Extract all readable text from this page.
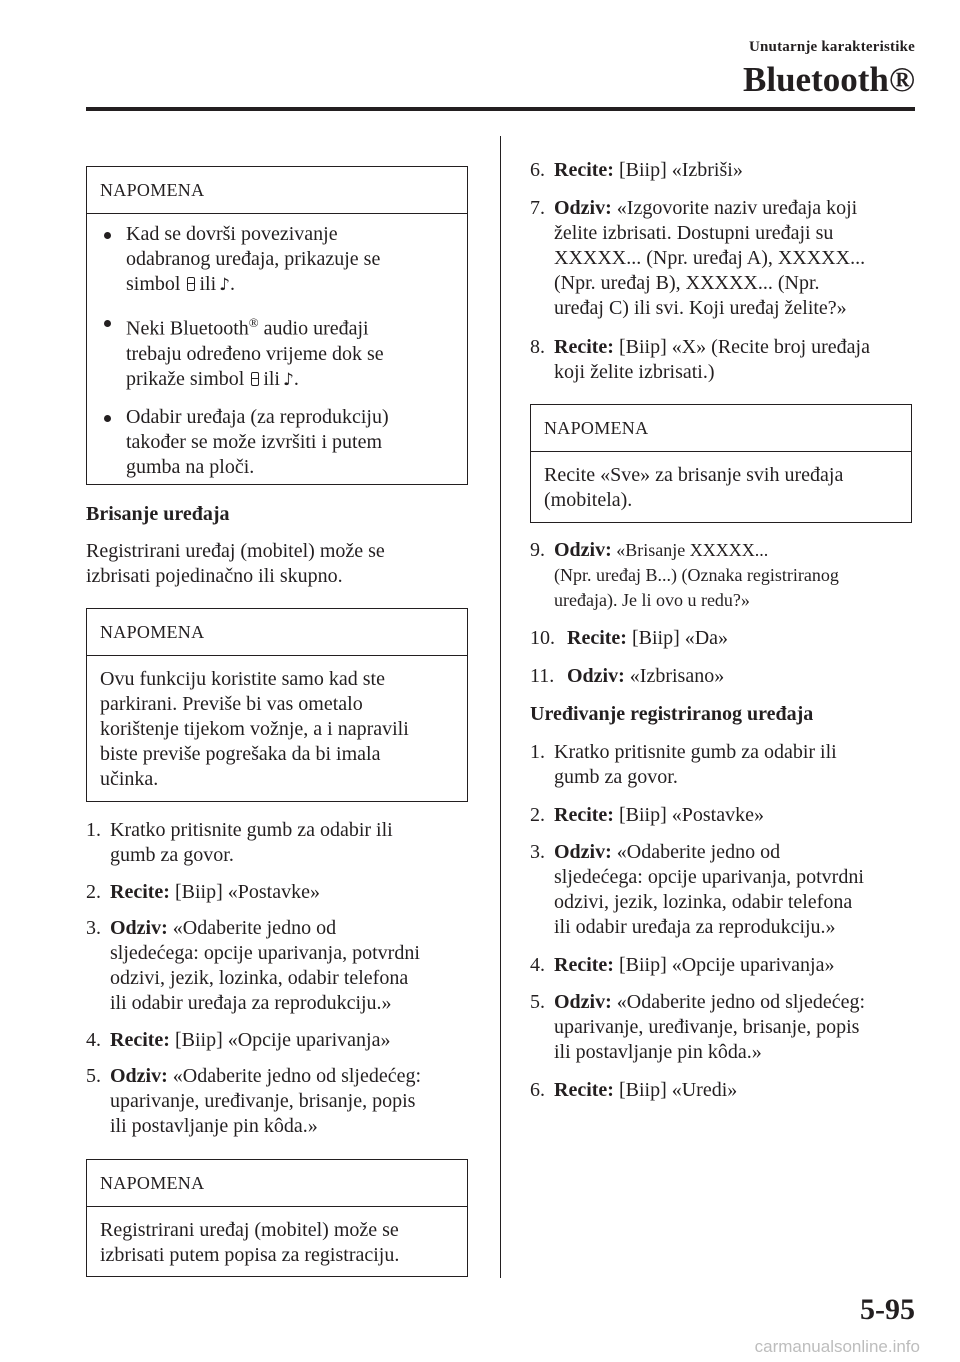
Unutarnje karakteristike
Bluetooth®
NAPOMENA
Kad se dovrši povezivanje
odabranog uređaja, prikazuje se
simbol ili ♪.
Neki Bluetooth® audio uređaji
trebaju određeno vrijeme dok se
prikaže simbol ili ♪.
Odabir uređaja (za reprodukciju)
također se može izvršiti i putem
gumba na ploči.
Brisanje uređaja
Registrirani uređaj (mobitel) može se
izbrisati pojedinačno ili skupno.
NAPOMENA
Ovu funkciju koristite samo kad ste
parkirani. Previše bi vas ometalo
korištenje tijekom vožnje, a i napravili
biste previše pogrešaka da bi imala
učinka.
1. Kratko pritisnite gumb za odabir ili
gumb za govor.
2. Recite: [Biip] «Postavke»
3. Odziv: «Odaberite jedno od
sljedećega: opcije uparivanja, potvrdni
odzivi, jezik, lozinka, odabir telefona
ili odabir uređaja za reprodukciju.»
4. Recite: [Biip] «Opcije uparivanja»
5. Odziv: «Odaberite jedno od sljedećeg:
uparivanje, uređivanje, brisanje, popis
ili postavljanje pin kôda.»
NAPOMENA
Registrirani uređaj (mobitel) može se
izbrisati putem popisa za registraciju.
6. Recite: [Biip] «Izbriši»
7. Odziv: «Izgovorite naziv uređaja koji
želite izbrisati. Dostupni uređaji su
XXXXX... (Npr. uređaj A), XXXXX...
(Npr. uređaj B), XXXXX... (Npr.
uređaj C) ili svi. Koji uređaj želite?»
8. Recite: [Biip] «X» (Recite broj uređaja
koji želite izbrisati.)
NAPOMENA
Recite «Sve» za brisanje svih uređaja
(mobitela).
9. Odziv: «Brisanje XXXXX...
(Npr. uređaj B...) (Oznaka registriranog
uređaja). Je li ovo u redu?»
10. Recite: [Biip] «Da»
11. Odziv: «Izbrisano»
Uređivanje registriranog uređaja
1. Kratko pritisnite gumb za odabir ili
gumb za govor.
2. Recite: [Biip] «Postavke»
3. Odziv: «Odaberite jedno od
sljedećega: opcije uparivanja, potvrdni
odzivi, jezik, lozinka, odabir telefona
ili odabir uređaja za reprodukciju.»
4. Recite: [Biip] «Opcije uparivanja»
5. Odziv: «Odaberite jedno od sljedećeg:
uparivanje, uređivanje, brisanje, popis
ili postavljanje pin kôda.»
6. Recite: [Biip] «Uredi»
5-95
carmanualsonline.info
